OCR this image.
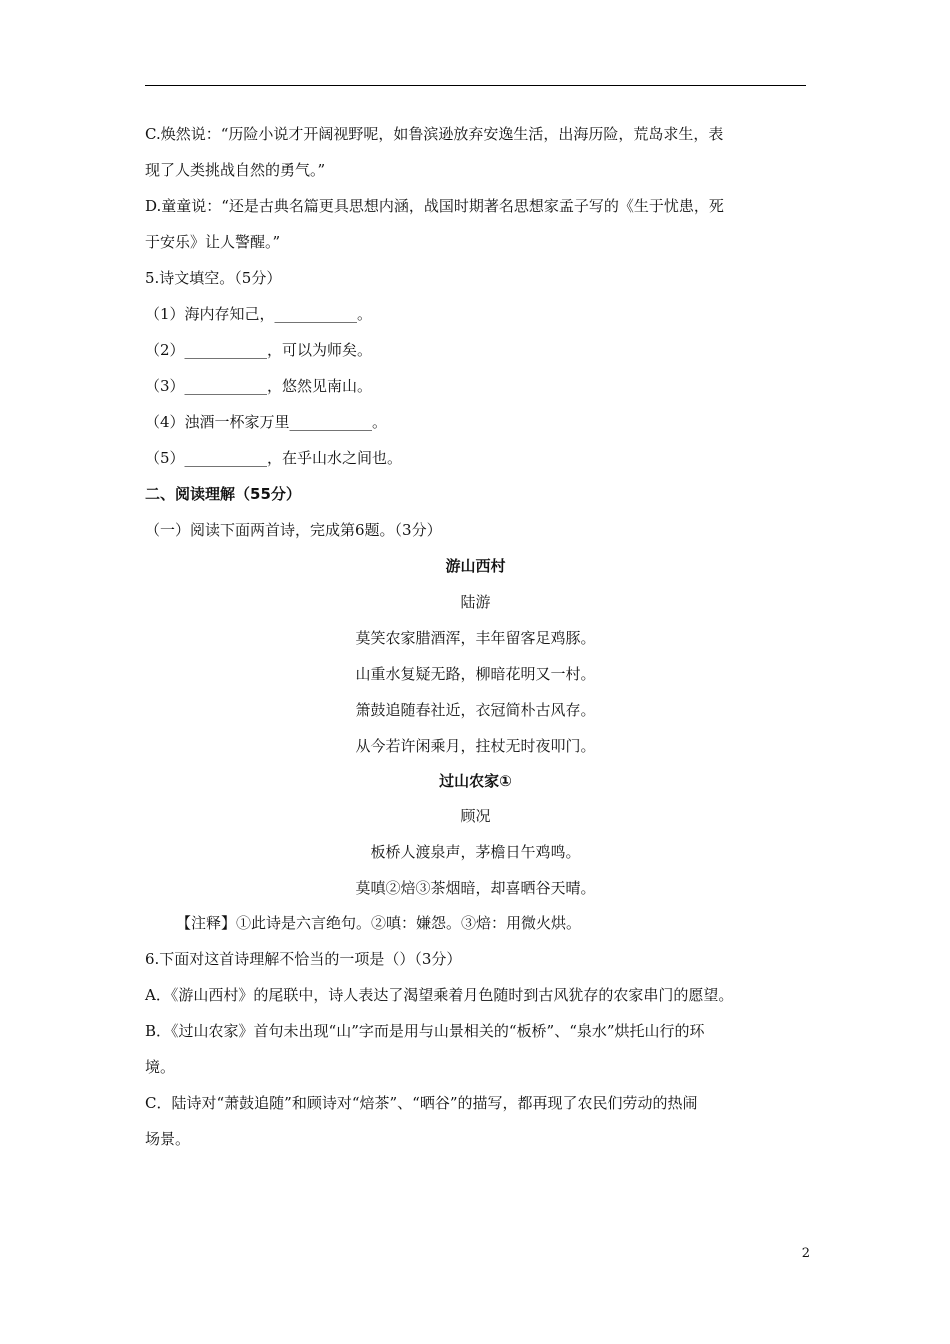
C.焕然说：“历险小说才开阔视野呢，如鲁滨逊放弃安逸生活，出海历险，荒岛求生，表
现了人类挑战自然的勇气。”
D.童童说：“还是古典名篇更具思想内涵，战国时期著名思想家孟子写的《生于忧患，死
于安乐》让人警醒。”
5.诗文填空。（5分）
（1）海内存知己，___________。
（2）___________，可以为师矣。
（3）___________，悠然见南山。
（4）浊酒一杯家万里___________。
（5）___________，在乎山水之间也。
二、阅读理解（55分）
（一）阅读下面两首诗，完成第6题。（3分）
游山西村
陆游
莫笑农家腊酒浑，丰年留客足鸡豚。
山重水复疑无路，柳暗花明又一村。
箫鼓追随春社近，衣冠简朴古风存。
从今若许闲乘月，拄杖无时夜叩门。
过山农家①
顾况
板桥人渡泉声，茅檐日午鸡鸣。
莫嗔②焙③茶烟暗，却喜晒谷天晴。
【注释】①此诗是六言绝句。②嗔：嫌怨。③焙：用微火烘。
6.下面对这首诗理解不恰当的一项是（）（3分）
A．《游山西村》的尾联中，诗人表达了渴望乘着月色随时到古风犹存的农家串门的愿望。
B．《过山农家》首句未出现“山”字而是用与山景相关的“板桥”、“泉水”烘托山行的环
境。
C．陆诗对“萧鼓追随”和顾诗对“焙茶”、“晒谷”的描写，都再现了农民们劳动的热闹
场景。
2
